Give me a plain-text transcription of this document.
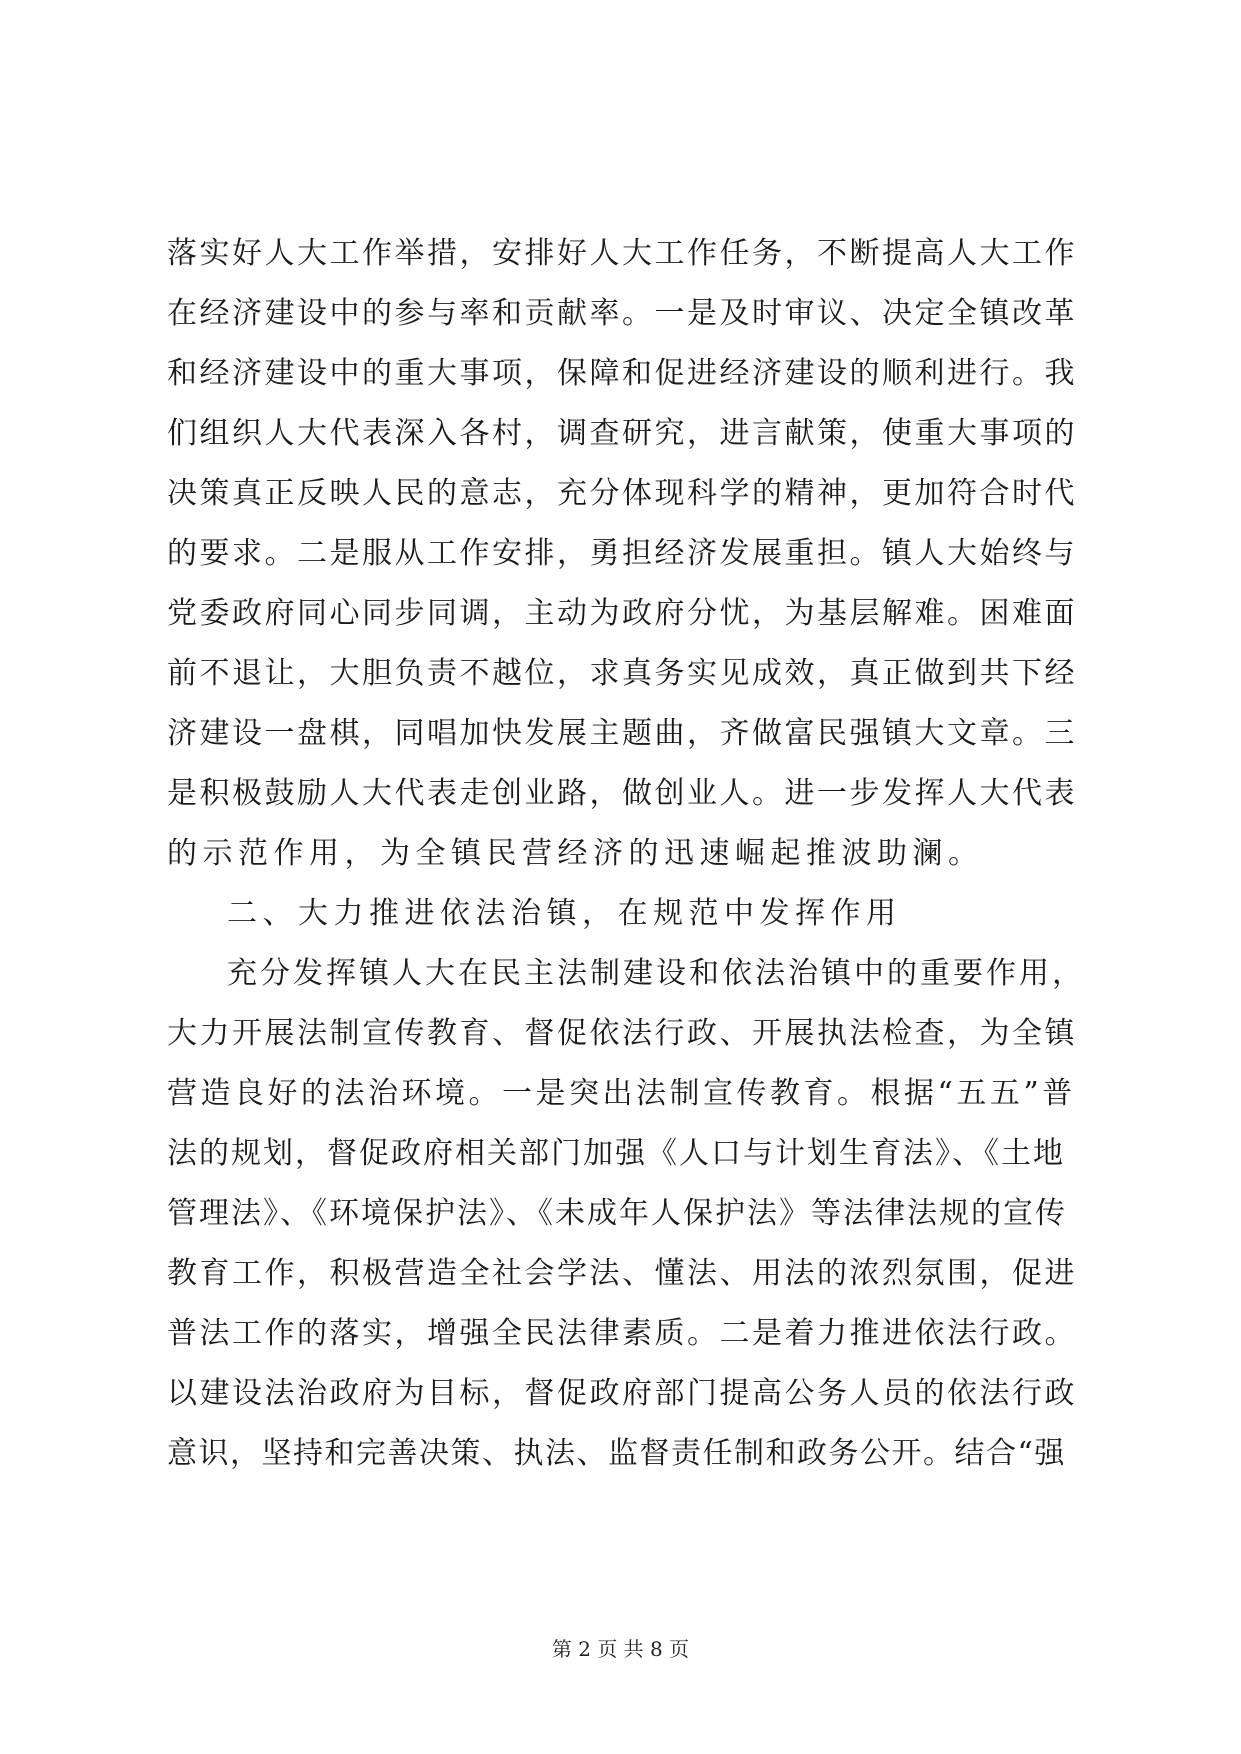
落实好人大工作举措，安排好人大工作任务，不断提高人大工作
在经济建设中的参与率和贡献率。一是及时审议、决定全镇改革
和经济建设中的重大事项，保障和促进经济建设的顺利进行。我
们组织人大代表深入各村，调查研究，进言献策，使重大事项的
决策真正反映人民的意志，充分体现科学的精神，更加符合时代
的要求。二是服从工作安排，勇担经济发展重担。镇人大始终与
党委政府同心同步同调，主动为政府分忧，为基层解难。困难面
前不退让，大胆负责不越位，求真务实见成效，真正做到共下经
济建设一盘棋，同唱加快发展主题曲，齐做富民强镇大文章。三
是积极鼓励人大代表走创业路，做创业人。进一步发挥人大代表
的示范作用，为全镇民营经济的迅速崛起推波助澜。
二、大力推进依法治镇，在规范中发挥作用
充分发挥镇人大在民主法制建设和依法治镇中的重要作用，
大力开展法制宣传教育、督促依法行政、开展执法检查，为全镇
营造良好的法治环境。一是突出法制宣传教育。根据“五五”普
法的规划，督促政府相关部门加强《人口与计划生育法》、《土地
管理法》、《环境保护法》、《未成年人保护法》等法律法规的宣传
教育工作，积极营造全社会学法、懂法、用法的浓烈氛围，促进
普法工作的落实，增强全民法律素质。二是着力推进依法行政。
以建设法治政府为目标，督促政府部门提高公务人员的依法行政
意识，坚持和完善决策、执法、监督责任制和政务公开。结合“强
第 2 页 共 8 页
